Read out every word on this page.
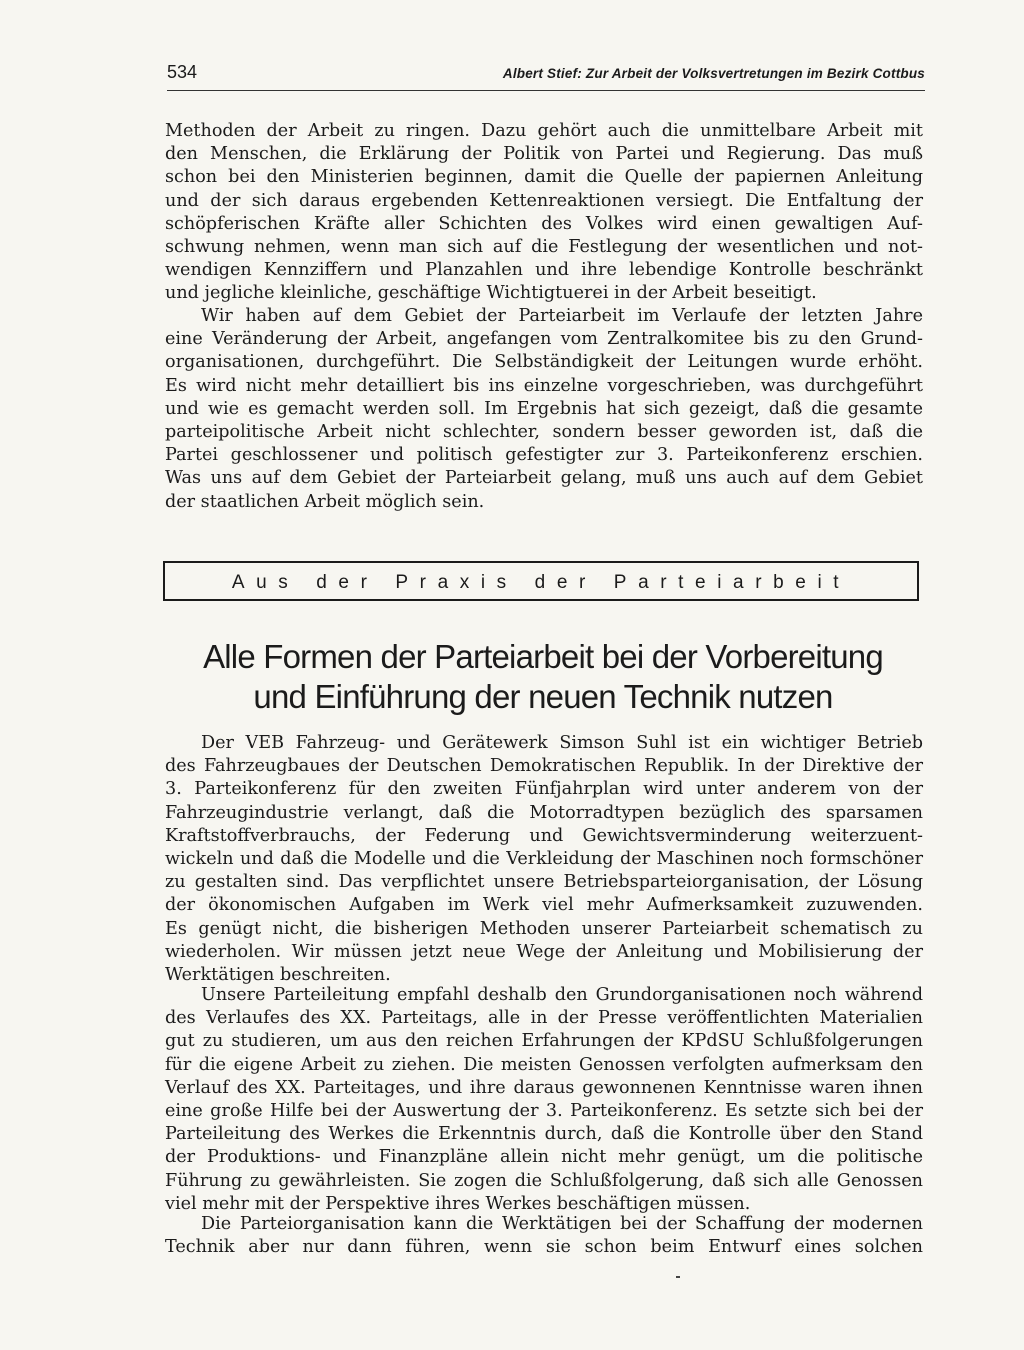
534	Albert Stief: Zur Arbeit der Volksvertretungen im Bezirk Cottbus
Methoden der Arbeit zu ringen. Dazu gehört auch die unmittelbare Arbeit mit
den Menschen, die Erklärung der Politik von Partei und Regierung. Das muß
schon bei den Ministerien beginnen, damit die Quelle der papiernen Anleitung
und der sich daraus ergebenden Kettenreaktionen versiegt. Die Entfaltung der
schöpferischen Kräfte aller Schichten des Volkes wird einen gewaltigen Auf-
schwung nehmen, wenn man sich auf die Festlegung der wesentlichen und not-
wendigen Kennziffern und Planzahlen und ihre lebendige Kontrolle beschränkt
und jegliche kleinliche, geschäftige Wichtigtuerei in der Arbeit beseitigt.
Wir haben auf dem Gebiet der Parteiarbeit im Verlaufe der letzten Jahre
eine Veränderung der Arbeit, angefangen vom Zentralkomitee bis zu den Grund-
organisationen, durchgeführt. Die Selbständigkeit der Leitungen wurde erhöht.
Es wird nicht mehr detailliert bis ins einzelne vorgeschrieben, was durchgeführt
und wie es gemacht werden soll. Im Ergebnis hat sich gezeigt, daß die gesamte
parteipolitische Arbeit nicht schlechter, sondern besser geworden ist, daß die
Partei geschlossener und politisch gefestigter zur 3. Parteikonferenz erschien.
Was uns auf dem Gebiet der Parteiarbeit gelang, muß uns auch auf dem Gebiet
der staatlichen Arbeit möglich sein.
Aus der Praxis der Parteiarbeit
Alle Formen der Parteiarbeit bei der Vorbereitung
und Einführung der neuen Technik nutzen
Der VEB Fahrzeug- und Gerätewerk Simson Suhl ist ein wichtiger Betrieb
des Fahrzeugbaues der Deutschen Demokratischen Republik. In der Direktive der
3. Parteikonferenz für den zweiten Fünfjahrplan wird unter anderem von der
Fahrzeugindustrie verlangt, daß die Motorradtypen bezüglich des sparsamen
Kraftstoffverbrauchs, der Federung und Gewichtsverminderung weiterzuent-
wickeln und daß die Modelle und die Verkleidung der Maschinen noch formschöner
zu gestalten sind. Das verpflichtet unsere Betriebsparteiorganisation, der Lösung
der ökonomischen Aufgaben im Werk viel mehr Aufmerksamkeit zuzuwenden.
Es genügt nicht, die bisherigen Methoden unserer Parteiarbeit schematisch zu
wiederholen. Wir müssen jetzt neue Wege der Anleitung und Mobilisierung der
Werktätigen beschreiten.
Unsere Parteileitung empfahl deshalb den Grundorganisationen noch während
des Verlaufes des XX. Parteitags, alle in der Presse veröffentlichten Materialien
gut zu studieren, um aus den reichen Erfahrungen der KPdSU Schlußfolgerungen
für die eigene Arbeit zu ziehen. Die meisten Genossen verfolgten aufmerksam den
Verlauf des XX. Parteitages, und ihre daraus gewonnenen Kenntnisse waren ihnen
eine große Hilfe bei der Auswertung der 3. Parteikonferenz. Es setzte sich bei der
Parteileitung des Werkes die Erkenntnis durch, daß die Kontrolle über den Stand
der Produktions- und Finanzpläne allein nicht mehr genügt, um die politische
Führung zu gewährleisten. Sie zogen die Schlußfolgerung, daß sich alle Genossen
viel mehr mit der Perspektive ihres Werkes beschäftigen müssen.
Die Parteiorganisation kann die Werktätigen bei der Schaffung der modernen
Technik aber nur dann führen, wenn sie schon beim Entwurf eines solchen
